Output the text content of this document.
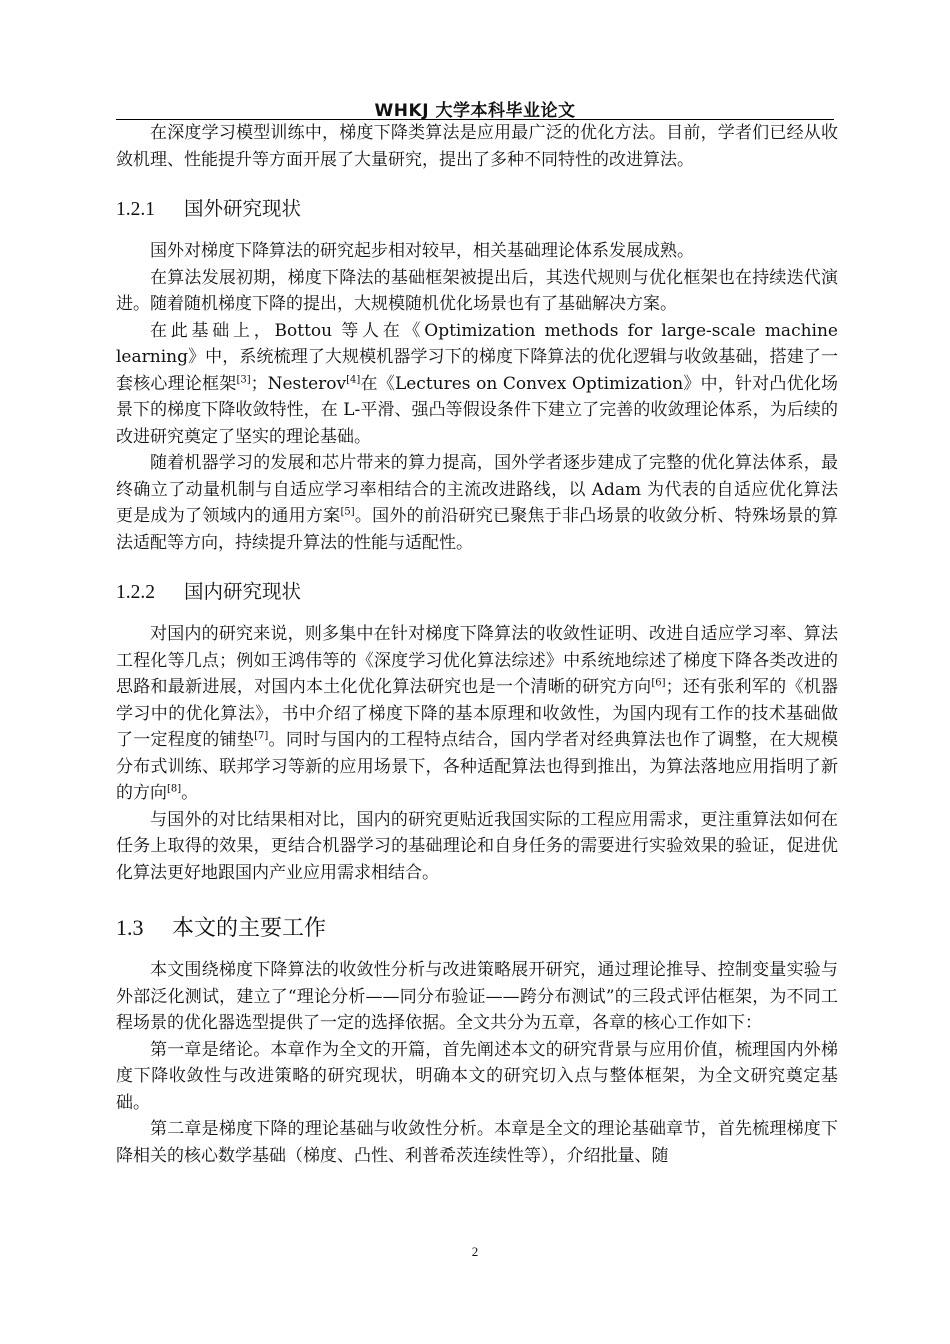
WHKJ 大学本科毕业论文

在深度学习模型训练中，梯度下降类算法是应用最广泛的优化方法。目前，学者们已经从收敛机理、性能提升等方面开展了大量研究，提出了多种不同特性的改进算法。

1.2.1 国外研究现状

国外对梯度下降算法的研究起步相对较早，相关基础理论体系发展成熟。

在算法发展初期，梯度下降法的基础框架被提出后，其迭代规则与优化框架也在持续迭代演进。随着随机梯度下降的提出，大规模随机优化场景也有了基础解决方案。

在此基础上，Bottou 等人在《Optimization methods for large-scale machine learning》中，系统梳理了大规模机器学习下的梯度下降算法的优化逻辑与收敛基础，搭建了一套核心理论框架[3]；Nesterov[4]在《Lectures on Convex Optimization》中，针对凸优化场景下的梯度下降收敛特性，在 L-平滑、强凸等假设条件下建立了完善的收敛理论体系，为后续的改进研究奠定了坚实的理论基础。

随着机器学习的发展和芯片带来的算力提高，国外学者逐步建成了完整的优化算法体系，最终确立了动量机制与自适应学习率相结合的主流改进路线，以 Adam 为代表的自适应优化算法更是成为了领域内的通用方案[5]。国外的前沿研究已聚焦于非凸场景的收敛分析、特殊场景的算法适配等方向，持续提升算法的性能与适配性。

1.2.2 国内研究现状

对国内的研究来说，则多集中在针对梯度下降算法的收敛性证明、改进自适应学习率、算法工程化等几点；例如王鸿伟等的《深度学习优化算法综述》中系统地综述了梯度下降各类改进的思路和最新进展，对国内本土化优化算法研究也是一个清晰的研究方向[6]；还有张利军的《机器学习中的优化算法》，书中介绍了梯度下降的基本原理和收敛性，为国内现有工作的技术基础做了一定程度的铺垫[7]。同时与国内的工程特点结合，国内学者对经典算法也作了调整，在大规模分布式训练、联邦学习等新的应用场景下，各种适配算法也得到推出，为算法落地应用指明了新的方向[8]。

与国外的对比结果相对比，国内的研究更贴近我国实际的工程应用需求，更注重算法如何在任务上取得的效果，更结合机器学习的基础理论和自身任务的需要进行实验效果的验证，促进优化算法更好地跟国内产业应用需求相结合。

1.3 本文的主要工作

本文围绕梯度下降算法的收敛性分析与改进策略展开研究，通过理论推导、控制变量实验与外部泛化测试，建立了“理论分析——同分布验证——跨分布测试”的三段式评估框架，为不同工程场景的优化器选型提供了一定的选择依据。全文共分为五章，各章的核心工作如下：

第一章是绪论。本章作为全文的开篇，首先阐述本文的研究背景与应用价值，梳理国内外梯度下降收敛性与改进策略的研究现状，明确本文的研究切入点与整体框架，为全文研究奠定基础。

第二章是梯度下降的理论基础与收敛性分析。本章是全文的理论基础章节，首先梳理梯度下降相关的核心数学基础（梯度、凸性、利普希茨连续性等），介绍批量、随

2
